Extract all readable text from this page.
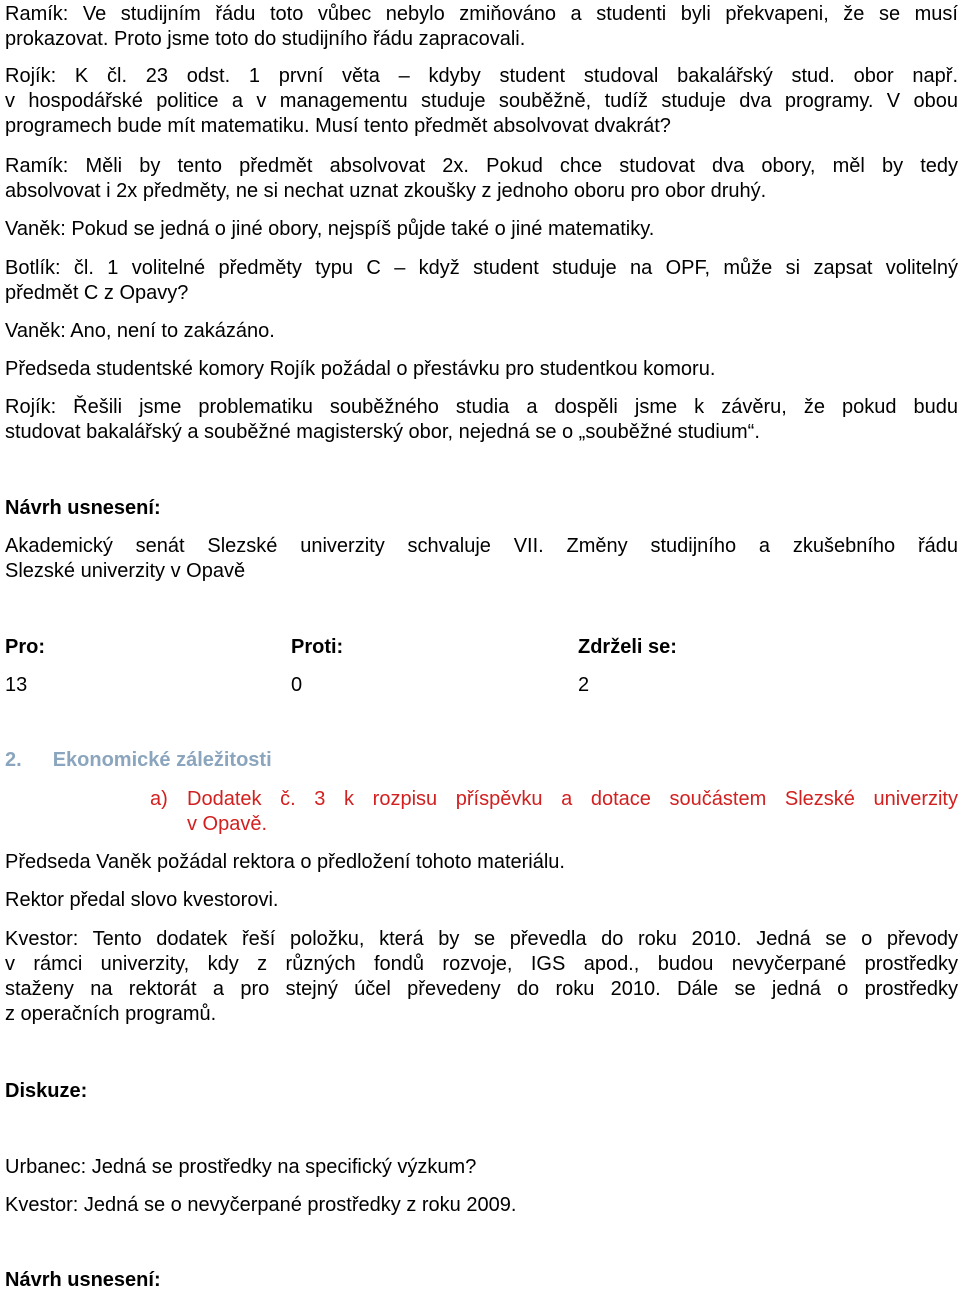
Ramík: Ve studijním řádu toto vůbec nebylo zmiňováno a studenti byli překvapeni, že se musí
prokazovat. Proto jsme toto do studijního řádu zapracovali.

Rojík: K čl. 23 odst. 1 první věta – kdyby student studoval bakalářský stud. obor např.
v hospodářské politice a v managementu studuje souběžně, tudíž studuje dva programy. V obou
programech bude mít matematiku. Musí tento předmět absolvovat dvakrát?

Ramík: Měli by tento předmět absolvovat 2x. Pokud chce studovat dva obory, měl by tedy
absolvovat i 2x předměty, ne si nechat uznat zkoušky z jednoho oboru pro obor druhý.

Vaněk: Pokud se jedná o jiné obory, nejspíš půjde také o jiné matematiky.

Botlík: čl. 1 volitelné předměty typu C – když student studuje na OPF, může si zapsat volitelný
předmět C z Opavy?

Vaněk: Ano, není to zakázáno.

Předseda studentské komory Rojík požádal o přestávku pro studentkou komoru.

Rojík: Řešili jsme problematiku souběžného studia a dospěli jsme k závěru, že pokud budu
studovat bakalářský a souběžné magisterský obor, nejedná se o „souběžné studium“.

Návrh usnesení:

Akademický senát Slezské univerzity schvaluje VII. Změny studijního a zkušebního řádu
Slezské univerzity v Opavě

Pro:	Proti:	Zdrželi se:

13	0	2

2. Ekonomické záležitosti

a) Dodatek č. 3 k rozpisu příspěvku a dotace součástem Slezské univerzity
v Opavě.

Předseda Vaněk požádal rektora o předložení tohoto materiálu.

Rektor předal slovo kvestorovi.

Kvestor: Tento dodatek řeší položku, která by se převedla do roku 2010. Jedná se o převody
v rámci univerzity, kdy z různých fondů rozvoje, IGS apod., budou nevyčerpané prostředky
staženy na rektorát a pro stejný účel převedeny do roku 2010. Dále se jedná o prostředky
z operačních programů.

Diskuze:

Urbanec: Jedná se prostředky na specifický výzkum?

Kvestor: Jedná se o nevyčerpané prostředky z roku 2009.

Návrh usnesení:
